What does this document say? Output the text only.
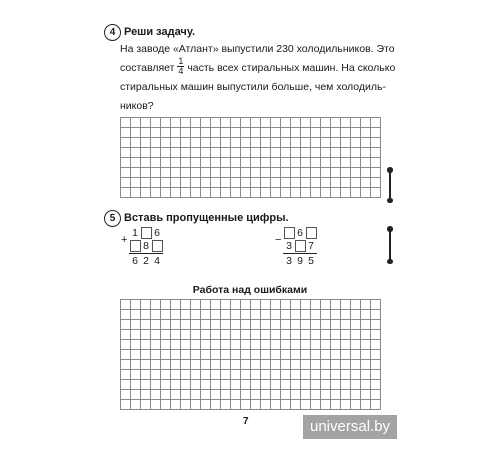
4 Реши задачу.
На заводе «Атлант» выпустили 230 холодильников. Это
составляет $\frac{1}{4}$ часть всех стиральных машин. На сколько
стиральных машин выпустили больше, чем холодиль-
ников?
5 Вставь пропущенные цифры.
+
1 6
8
6 2 4
−
6
3 7
3 9 5
Работа над ошибками
7	universal.by
